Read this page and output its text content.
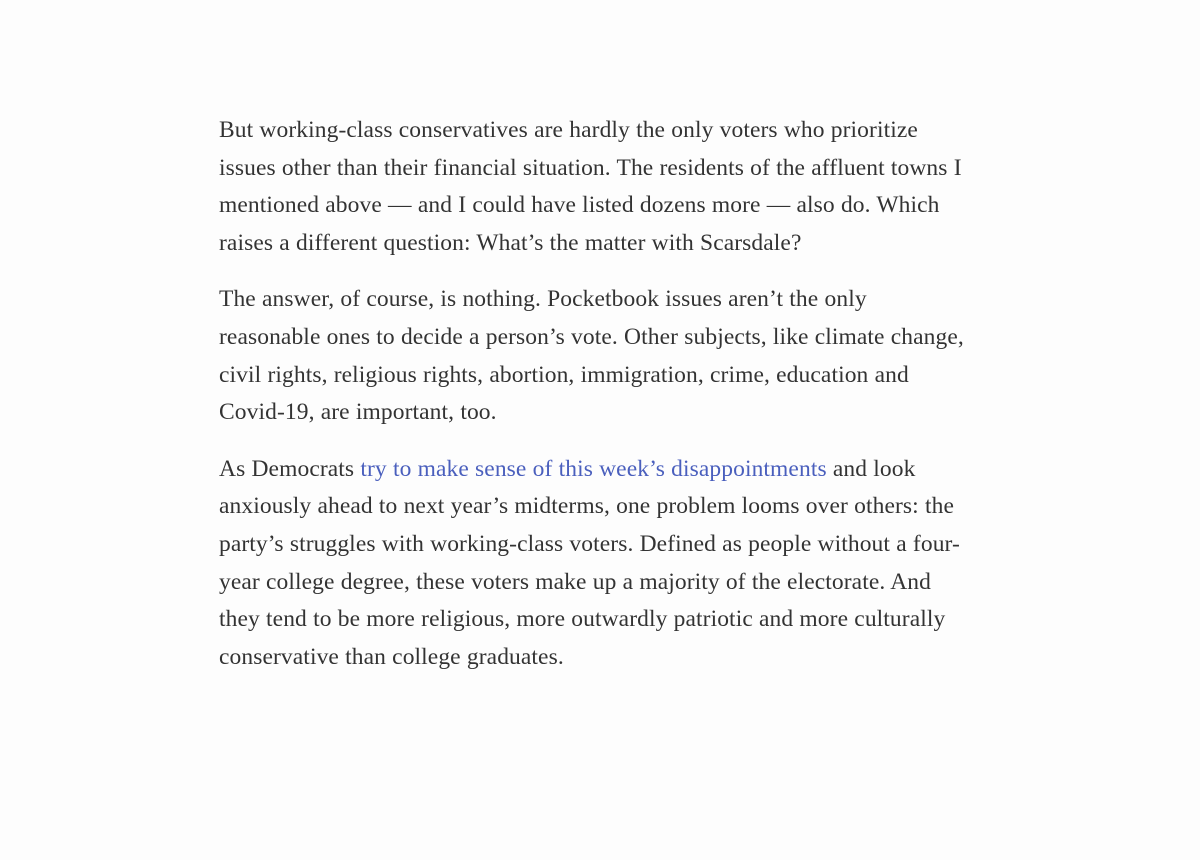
But working-class conservatives are hardly the only voters who prioritize issues other than their financial situation. The residents of the affluent towns I mentioned above — and I could have listed dozens more — also do. Which raises a different question: What’s the matter with Scarsdale?

The answer, of course, is nothing. Pocketbook issues aren’t the only reasonable ones to decide a person’s vote. Other subjects, like climate change, civil rights, religious rights, abortion, immigration, crime, education and Covid-19, are important, too.

As Democrats try to make sense of this week’s disappointments and look anxiously ahead to next year’s midterms, one problem looms over others: the party’s struggles with working-class voters. Defined as people without a four-year college degree, these voters make up a majority of the electorate. And they tend to be more religious, more outwardly patriotic and more culturally conservative than college graduates.
